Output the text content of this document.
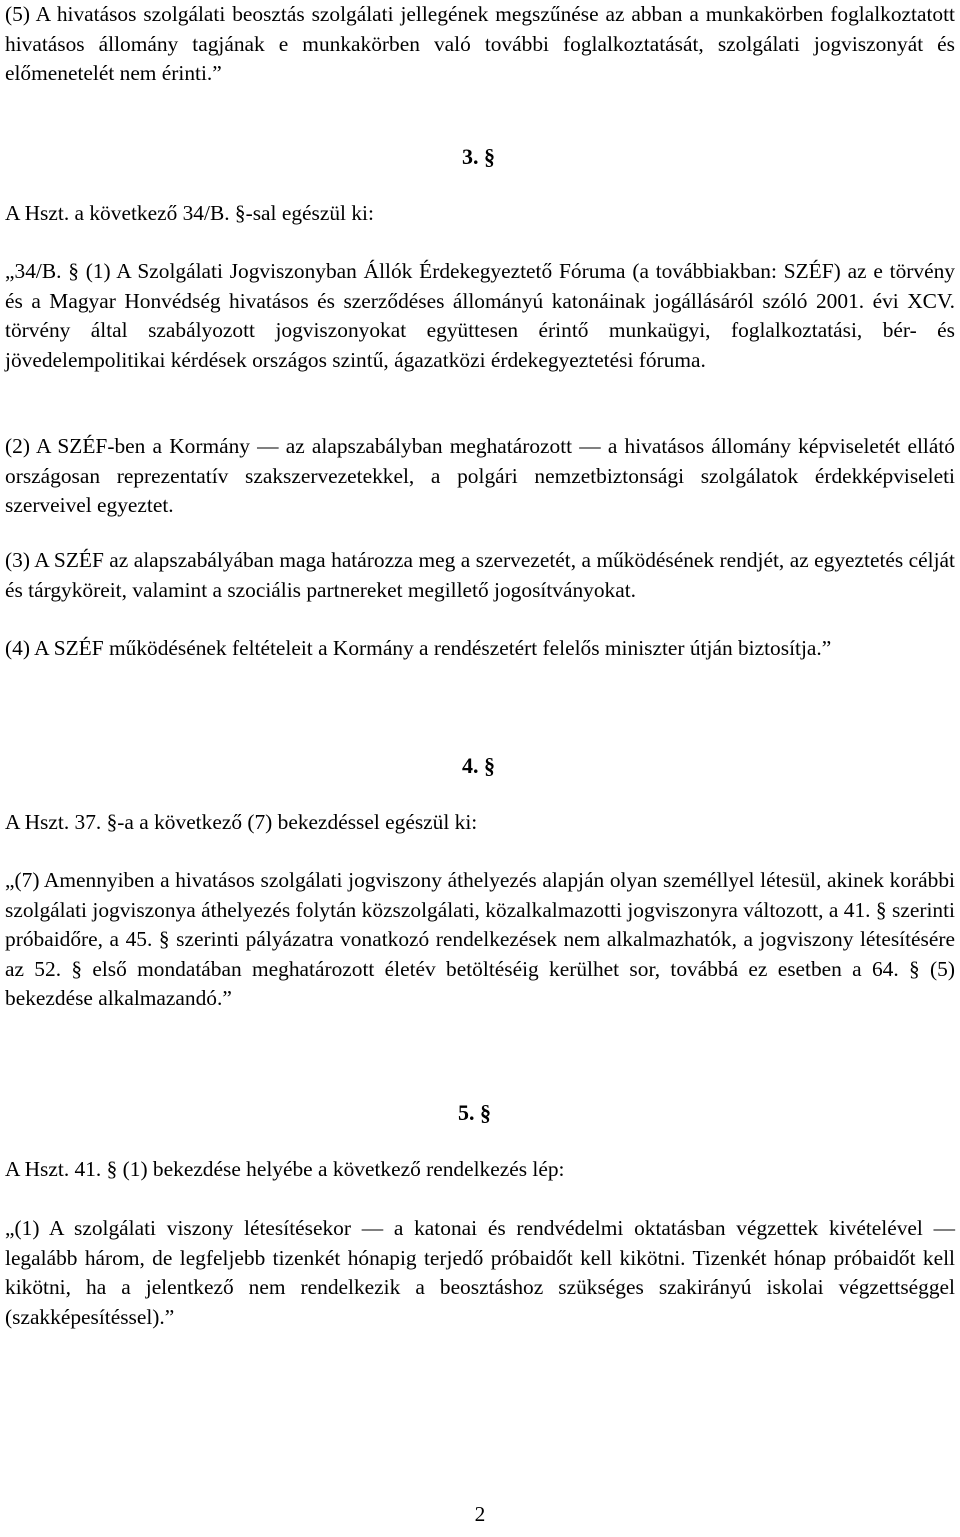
(5) A hivatásos szolgálati beosztás szolgálati jellegének megszűnése az abban a munkakörben foglalkoztatott hivatásos állomány tagjának e munkakörben való további foglalkoztatását, szolgálati jogviszonyát és előmenetelét nem érinti.”

3. §

A Hszt. a következő 34/B. §-sal egészül ki:

„34/B. § (1) A Szolgálati Jogviszonyban Állók Érdekegyeztető Fóruma (a továbbiakban: SZÉF) az e törvény és a Magyar Honvédség hivatásos és szerződéses állományú katonáinak jogállásáról szóló 2001. évi XCV. törvény által szabályozott jogviszonyokat együttesen érintő munkaügyi, foglalkoztatási, bér- és jövedelempolitikai kérdések országos szintű, ágazatközi érdekegyeztetési fóruma.

(2) A SZÉF-ben a Kormány — az alapszabályban meghatározott — a hivatásos állomány képviseletét ellátó országosan reprezentatív szakszervezetekkel, a polgári nemzetbiztonsági szolgálatok érdekképviseleti szerveivel egyeztet.

(3) A SZÉF az alapszabályában maga határozza meg a szervezetét, a működésének rendjét, az egyeztetés célját és tárgyköreit, valamint a szociális partnereket megillető jogosítványokat.

(4) A SZÉF működésének feltételeit a Kormány a rendészetért felelős miniszter útján biztosítja.”

4. §

A Hszt. 37. §-a a következő (7) bekezdéssel egészül ki:

„(7) Amennyiben a hivatásos szolgálati jogviszony áthelyezés alapján olyan személlyel létesül, akinek korábbi szolgálati jogviszonya áthelyezés folytán közszolgálati, közalkalmazotti jogviszonyra változott, a 41. § szerinti próbaidőre, a 45. § szerinti pályázatra vonatkozó rendelkezések nem alkalmazhatók, a jogviszony létesítésére az 52. § első mondatában meghatározott életév betöltéséig kerülhet sor, továbbá ez esetben a 64. § (5) bekezdése alkalmazandó.”

5. §

A Hszt. 41. § (1) bekezdése helyébe a következő rendelkezés lép:

„(1) A szolgálati viszony létesítésekor — a katonai és rendvédelmi oktatásban végzettek kivételével — legalább három, de legfeljebb tizenkét hónapig terjedő próbaidőt kell kikötni. Tizenkét hónap próbaidőt kell kikötni, ha a jelentkező nem rendelkezik a beosztáshoz szükséges szakirányú iskolai végzettséggel (szakképesítéssel).”

2
